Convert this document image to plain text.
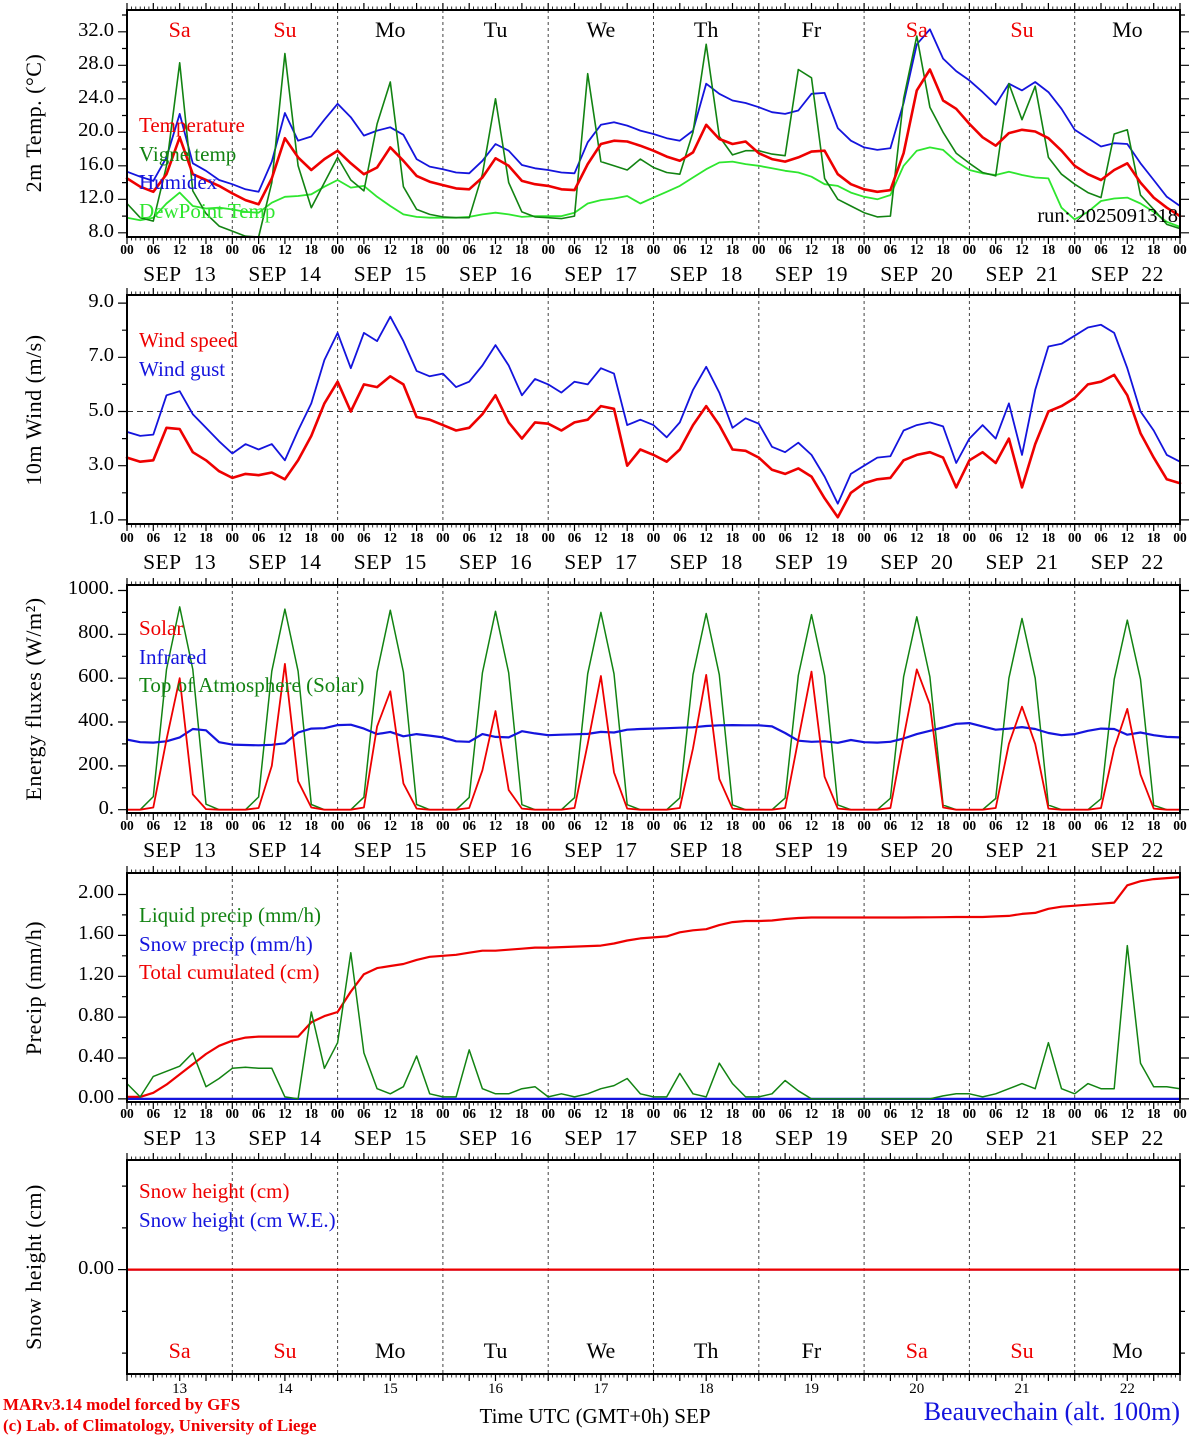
2m Temp. (°C)
10m Wind (m/s)
Energy fluxes (W/m²)
Precip (mm/h)
Snow height (cm)
Temperature
Vigne temp
Humidex
DewPoint Temp
Wind speed
Wind gust
Solar
Infrared
Top of Atmosphere (Solar)
Liquid precip (mm/h)
Snow precip (mm/h)
Total cumulated (cm)
Snow height (cm)
Snow height (cm W.E.)
run: 2025091318
8.0
12.0
16.0
20.0
24.0
28.0
32.0
00 06 12 18 00 06 12 18 00 06 12 18 00 06 12 18 00 06 12 18 00 06 12 18 00 06 12 18 00 06 12 18 00 06 12 18 00 06 12 18 00
SEP 13	SEP 14	SEP 15	SEP 16	SEP 17	SEP 18	SEP 19	SEP 20	SEP 21	SEP 22
Sa	Su	Mo	Tu	We	Th	Fr	Sa	Su	Mo
1.0
3.0
5.0
7.0
9.0
00 06 12 18 00 06 12 18 00 06 12 18 00 06 12 18 00 06 12 18 00 06 12 18 00 06 12 18 00 06 12 18 00 06 12 18 00 06 12 18 00
SEP 13	SEP 14	SEP 15	SEP 16	SEP 17	SEP 18	SEP 19	SEP 20	SEP 21	SEP 22
0.
200.
400.
600.
800.
1000.
00 06 12 18 00 06 12 18 00 06 12 18 00 06 12 18 00 06 12 18 00 06 12 18 00 06 12 18 00 06 12 18 00 06 12 18 00 06 12 18 00
SEP 13	SEP 14	SEP 15	SEP 16	SEP 17	SEP 18	SEP 19	SEP 20	SEP 21	SEP 22
0.00
0.40
0.80
1.20
1.60
2.00
00 06 12 18 00 06 12 18 00 06 12 18 00 06 12 18 00 06 12 18 00 06 12 18 00 06 12 18 00 06 12 18 00 06 12 18 00 06 12 18 00
SEP 13	SEP 14	SEP 15	SEP 16	SEP 17	SEP 18	SEP 19	SEP 20	SEP 21	SEP 22
0.00
Sa	Su	Mo	Tu	We	Th	Fr	Sa	Su	Mo
13	14	15	16	17	18	19	20	21	22
MARv3.14 model forced by GFS
(c) Lab. of Climatology, University of Liege	Time UTC (GMT+0h) SEP	Beauvechain (alt. 100m)
